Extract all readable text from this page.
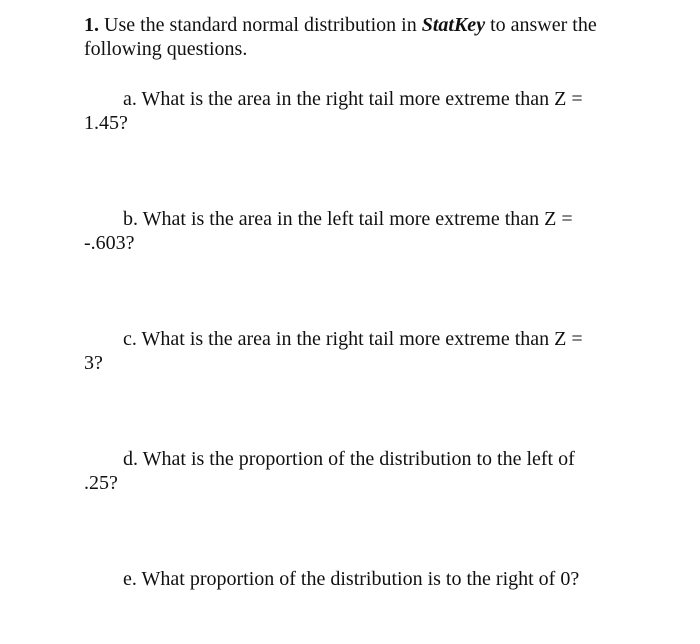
1. Use the standard normal distribution in StatKey to answer the following questions.
a. What is the area in the right tail more extreme than Z =
1.45?
b. What is the area in the left tail more extreme than Z =
-.603?
c. What is the area in the right tail more extreme than Z =
3?
d. What is the proportion of the distribution to the left of
.25?
e. What proportion of the distribution is to the right of 0?
